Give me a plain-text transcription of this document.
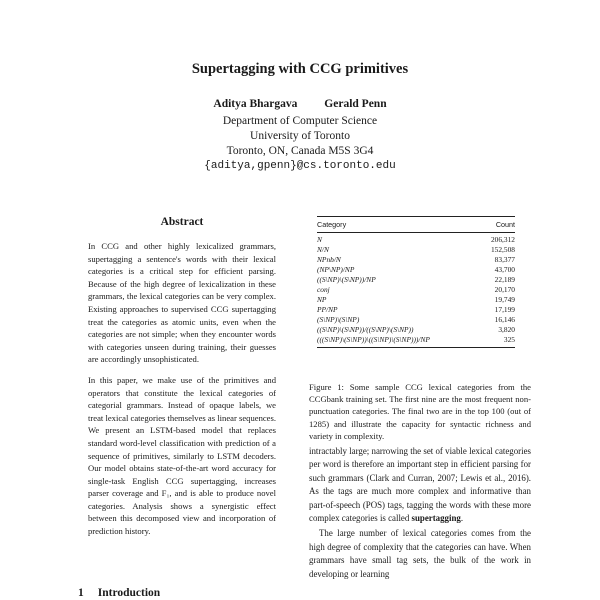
Supertagging with CCG primitives
Aditya Bhargava Gerald Penn
Department of Computer Science
University of Toronto
Toronto, ON, Canada M5S 3G4
{aditya,gpenn}@cs.toronto.edu
Abstract

In CCG and other highly lexicalized grammars, supertagging a sentence's words with their lexical categories is a critical step for efficient parsing. Because of the high degree of lexicalization in these grammars, the lexical categories can be very complex. Existing approaches to supervised CCG supertagging treat the categories as atomic units, even when the categories are not simple; when they encounter words with categories unseen during training, their guesses are accordingly unsophisticated.

In this paper, we make use of the primitives and operators that constitute the lexical categories of categorial grammars. Instead of opaque labels, we treat lexical categories themselves as linear sequences. We present an LSTM-based model that replaces standard word-level classification with prediction of a sequence of primitives, similarly to LSTM decoders. Our model obtains state-of-the-art word accuracy for single-task English CCG supertagging, increases parser coverage and F₁, and is able to produce novel categories. Analysis shows a synergistic effect between this decomposed view and incorporation of prediction history.

1 Introduction
Category	Count
N	206,312
N/N	152,508
NPnb/N	83,377
(NP\NP)/NP	43,700
((S\NP)\(S\NP))/NP	22,189
conj	20,170
NP	19,749
PP/NP	17,199
(S\NP)\(S\NP)	16,146
((S\NP)\(S\NP))/((S\NP)\(S\NP))	3,820
(((S\NP)\(S\NP))\((S\NP)\(S\NP)))/NP	325
Figure 1: Some sample CCG lexical categories from the CCGbank training set. The first nine are the most frequent non-punctuation categories. The final two are in the top 100 (out of 1285) and illustrate the capacity for syntactic richness and variety in complexity.

intractably large; narrowing the set of viable lexical categories per word is therefore an important step in efficient parsing for such grammars (Clark and Curran, 2007; Lewis et al., 2016). As the tags are much more complex and informative than part-of-speech (POS) tags, tagging the words with these more complex categories is called supertagging.

The large number of lexical categories comes from the high degree of complexity that the categories can have. When grammars have small tag sets, the bulk of the work in developing or learning
